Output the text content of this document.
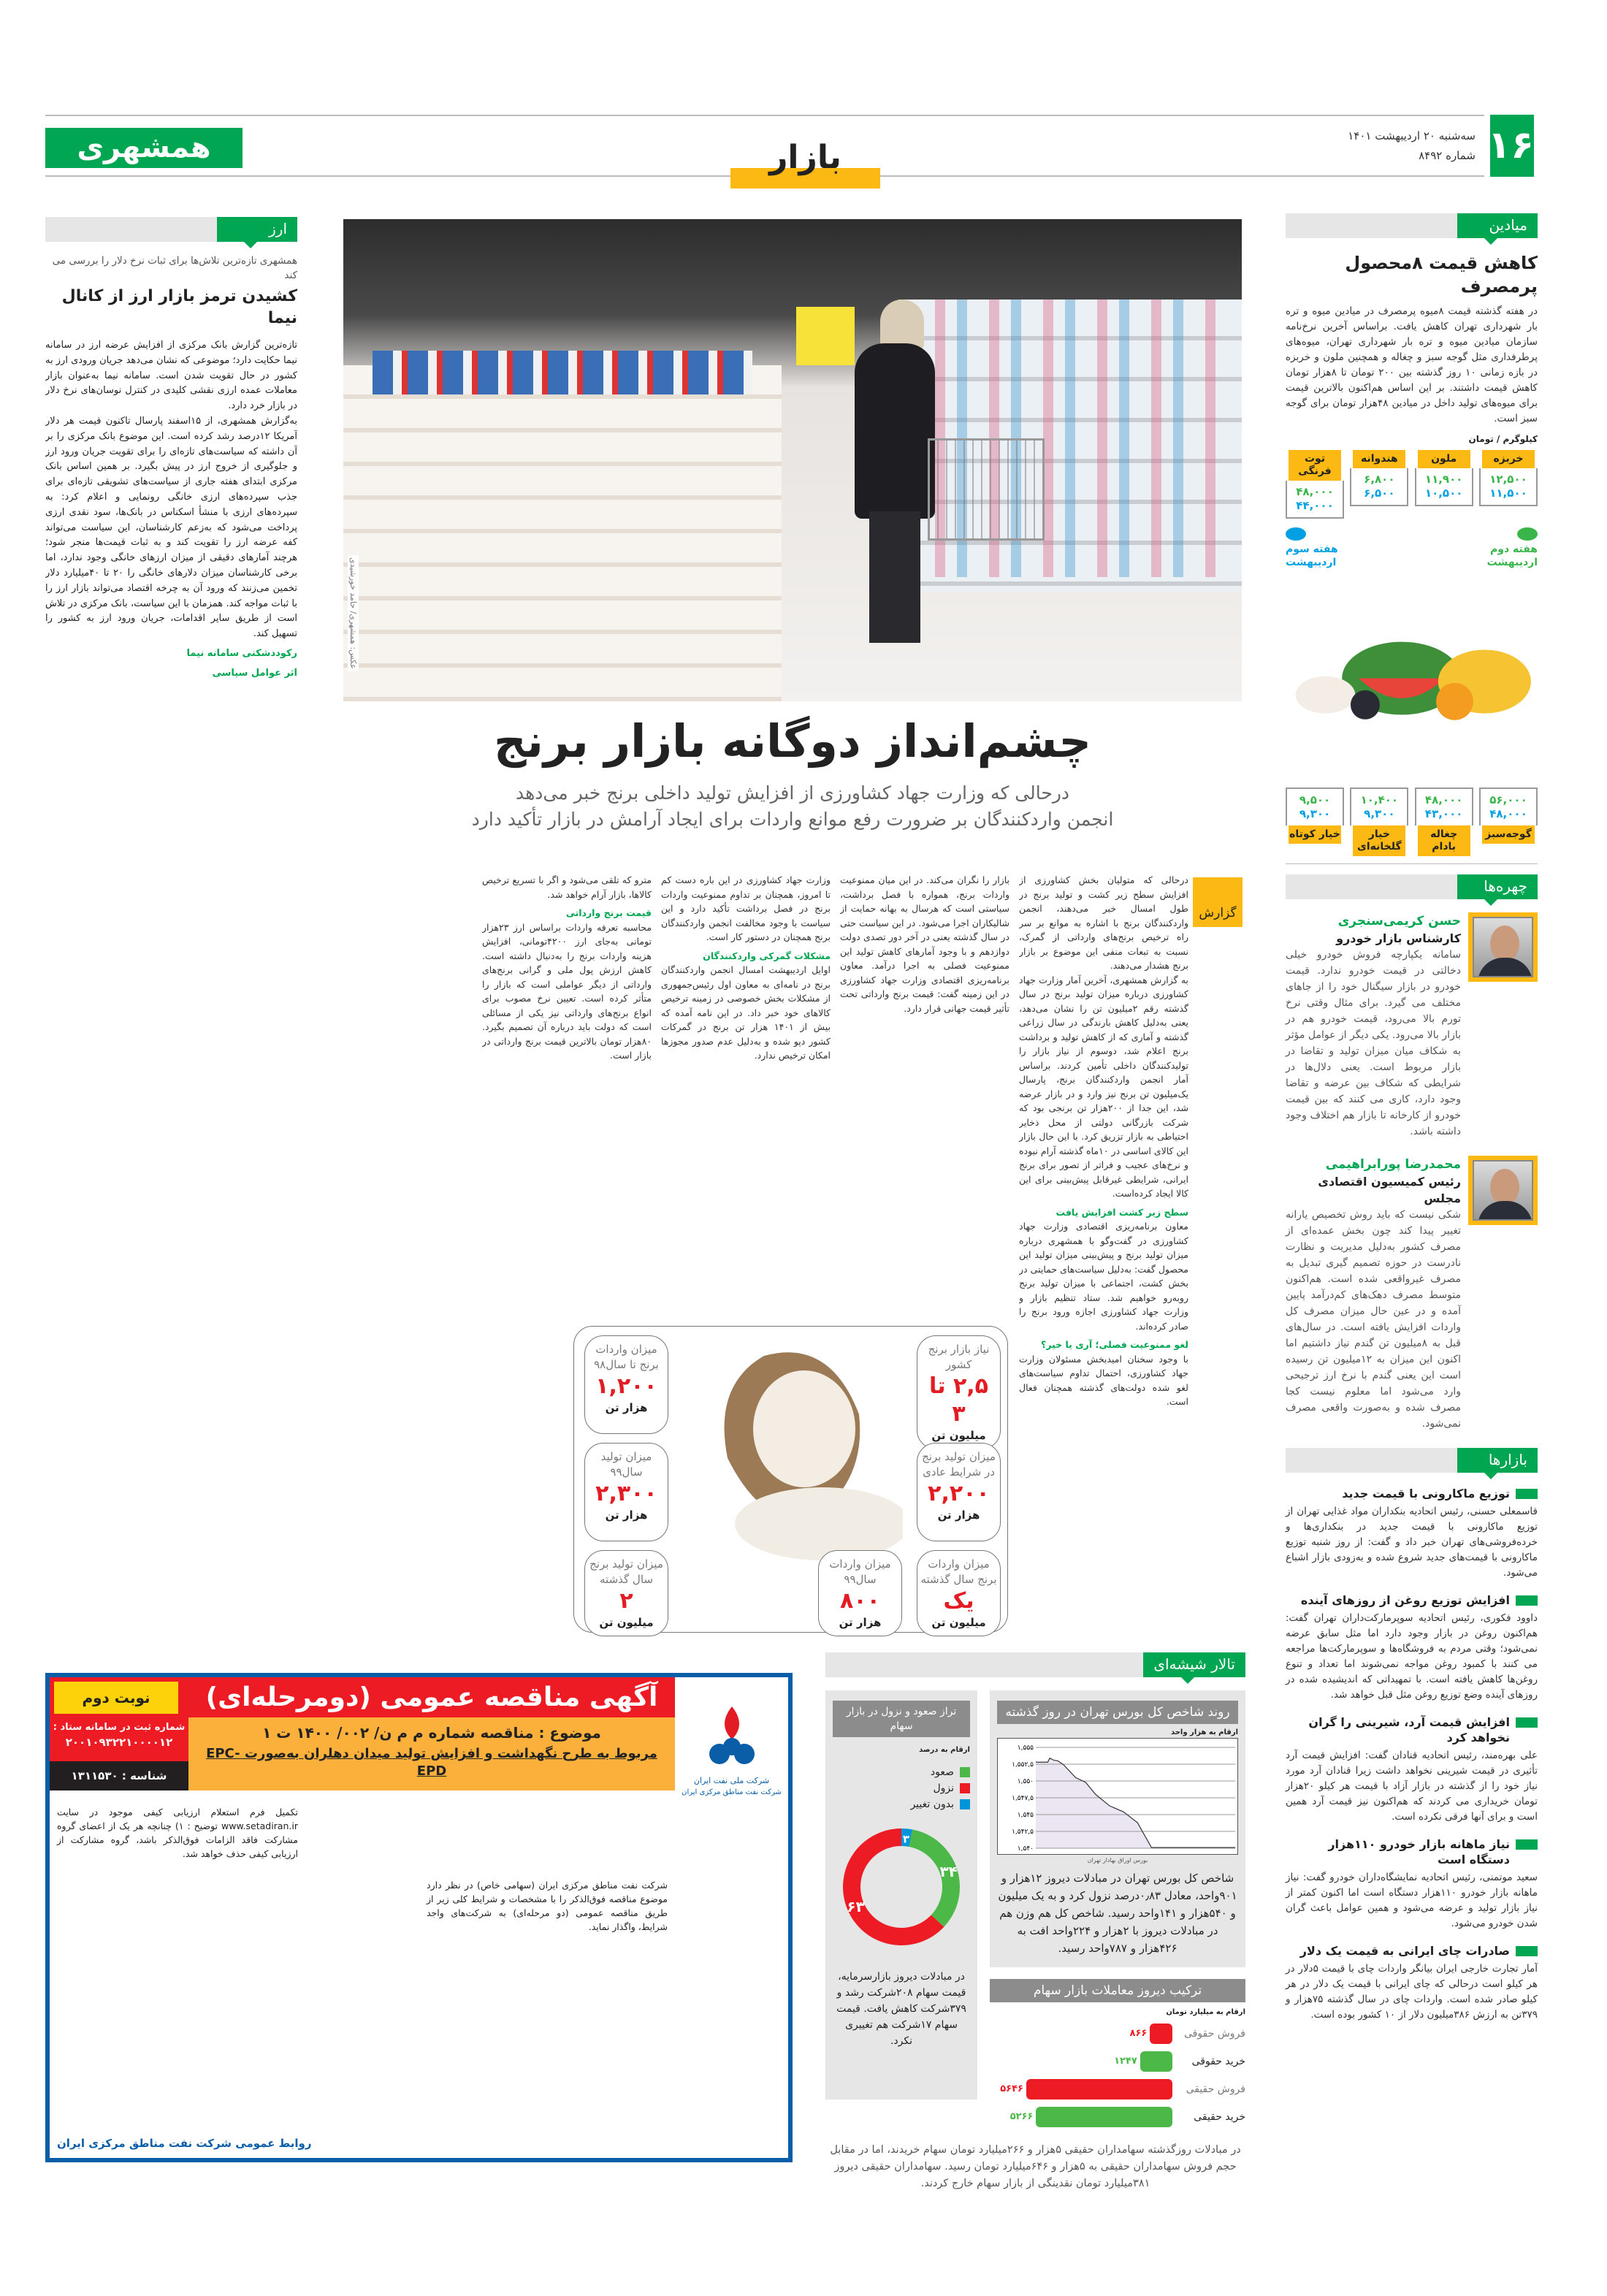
۱۶
سه‌شنبه ۲۰ اردیبهشت ۱۴۰۱
شماره ۸۴۹۲
بازار
همشهری
میادین
کاهش قیمت ۸محصول پرمصرف
در هفته گذشته قیمت ۸میوه پرمصرف در میادین میوه و تره بار شهرداری تهران کاهش یافت. براساس آخرین نرخ‌نامه سازمان میادین میوه و تره بار شهرداری تهران، میوه‌های پرطرفداری مثل گوجه سبز و چغاله و همچنین ملون و خربزه در بازه زمانی ۱۰ روز گذشته بین ۲۰۰ تومان تا ۸هزار تومان کاهش قیمت داشتند. بر این اساس هم‌اکنون بالاترین قیمت برای میوه‌های تولید داخل در میادین ۴۸هزار تومان برای گوجه سبز است.
کیلوگرم / تومان
خربزه
۱۲,۵۰۰
۱۱,۵۰۰
ملون
۱۱,۹۰۰
۱۰,۵۰۰
هندوانه
۶,۸۰۰
۶,۵۰۰
توت فرنگی
۴۸,۰۰۰
۴۴,۰۰۰
هفته دوم اردیبهشت
هفته سوم اردیبهشت
۵۶,۰۰۰
۴۸,۰۰۰
گوجه‌سبز
۴۸,۰۰۰
۴۳,۰۰۰
چغاله بادام
۱۰,۴۰۰
۹,۳۰۰
خیار گلخانه‌ای
۹,۵۰۰
۹,۳۰۰
خیار کوتاه
چهره‌ها
حسن کریمی‌سنجری
کارشناس بازار خودرو
سامانه یکپارچه فروش خودرو خیلی دخالتی در قیمت خودرو ندارد. قیمت خودرو در بازار سیگنال خود را از جاهای مختلف می گیرد. برای مثال وقتی نرخ تورم بالا می‌رود، قیمت خودرو هم در بازار بالا می‌رود. یکی دیگر از عوامل مؤثر به شکاف میان میزان تولید و تقاضا در بازار مربوط است. یعنی دلال‌ها در شرایطی که شکاف بین عرضه و تقاضا وجود دارد، کاری می کنند که بین قیمت خودرو از کارخانه تا بازار هم اختلاف وجود داشته باشد.
محمدرضا پورابراهیمی
رئیس کمیسیون اقتصادی مجلس
شکی نیست که باید روش تخصیص یارانه تغییر پیدا کند چون بخش عمده‌ای از مصرف کشور به‌دلیل مدیریت و نظارت نادرست در حوزه تصمیم گیری تبدیل به مصرف غیرواقعی شده است. هم‌اکنون متوسط مصرف دهک‌های کم‌درآمد پایین آمده و در عین حال میزان مصرف کل واردات افزایش یافته است. در سال‌های قبل به ۸میلیون تن گندم نیاز داشتیم اما اکنون این میزان به ۱۲میلیون تن رسیده است این یعنی گندم با نرخ ارز ترجیحی وارد می‌شود اما معلوم نیست کجا مصرف شده و به‌صورت واقعی مصرف نمی‌شود.
بازارها
توزیع ماکارونی با قیمت جدید
قاسمعلی حسنی، رئیس اتحادیه بنکداران مواد غذایی تهران از توزیع ماکارونی با قیمت جدید در بنکداری‌ها و خرده‌فروشی‌های تهران خبر داد و گفت: از روز شنبه توزیع ماکارونی با قیمت‌های جدید شروع شده و به‌زودی بازار اشباع می‌شود.
افزایش توزیع روغن از روزهای آینده
داوود فکوری، رئیس اتحادیه سوپرمارکت‌داران تهران گفت: هم‌اکنون روغن در بازار وجود دارد اما مثل سابق عرضه نمی‌شود؛ وقتی مردم به فروشگاه‌ها و سوپرمارکت‌ها مراجعه می کنند با کمبود روغن مواجه نمی‌شوند اما تعداد و تنوع روغن‌ها کاهش یافته است. با تمهیداتی که اندیشیده شده در روزهای آینده وضع توزیع روغن مثل قبل خواهد شد.
افزایش قیمت آرد، شیرینی را گران نخواهد کرد
علی بهره‌مند، رئیس اتحادیه قنادان گفت: افزایش قیمت آرد تأثیری در قیمت شیرینی نخواهد داشت زیرا قنادان آرد مورد نیاز خود را از گذشته در بازار آزاد با قیمت هر کیلو ۲۰هزار تومان خریداری می کردند که هم‌اکنون نیز قیمت آرد همین است و برای آنها فرقی نکرده است.
نیاز ماهانه بازار خودرو ۱۱۰هزار دستگاه است
سعید موتمنی، رئیس اتحادیه نمایشگاه‌داران خودرو گفت: نیاز ماهانه بازار خودرو ۱۱۰هزار دستگاه است اما اکنون کمتر از نیاز بازار تولید و عرضه می‌شود و همین عوامل باعث گران شدن خودرو می‌شود.
صادرات چای ایرانی به قیمت یک دلار
آمار تجارت خارجی ایران بیانگر واردات چای با قیمت ۵دلار در هر کیلو است درحالی که چای ایرانی با قیمت یک دلار در هر کیلو صادر شده است. واردات چای در سال گذشته ۷۵هزار و ۳۷۹تن به ارزش ۳۸۶میلیون دلار از ۱۰ کشور بوده است.
عکس: همشهری/ حامد خورشیدی
چشم‌انداز دوگانه بازار برنج
درحالی که وزارت جهاد کشاورزی از افزایش تولید داخلی برنج خبر می‌دهد
انجمن واردکنندگان بر ضرورت رفع موانع واردات برای ایجاد آرامش در بازار تأکید دارد
گزارش

درحالی که متولیان بخش کشاورزی از افزایش سطح زیر کشت و تولید برنج در طول امسال خبر می‌دهند، انجمن واردکنندگان برنج با اشاره به موانع بر سر راه ترخیص برنج‌های وارداتی از گمرک، نسبت به تبعات منفی این موضوع بر بازار برنج هشدار می‌دهند.

به گزارش همشهری، آخرین آمار وزارت جهاد کشاورزی درباره میزان تولید برنج در سال گذشته رقم ۲میلیون تن را نشان می‌دهد، یعنی به‌دلیل کاهش بارندگی در سال زراعی گذشته و آماری که از کاهش تولید و برداشت برنج اعلام شد، دوسوم از نیاز بازار را تولیدکنندگان داخلی تأمین کردند. براساس آمار انجمن واردکنندگان برنج، پارسال یک‌میلیون تن برنج نیز وارد و در بازار عرضه شد، این جدا از ۲۰۰هزار تن برنجی بود که شرکت بازرگانی دولتی از محل ذخایر احتیاطی به بازار تزریق کرد. با این حال بازار این کالای اساسی در ۱۰ماه گذشته آرام نبوده و نرخ‌های عجیب و فراتر از تصور برای برنج ایرانی، شرایطی غیرقابل پیش‌بینی برای این کالا ایجاد کرده‌است.

سطح زیر کشت افزایش یافت

معاون برنامه‌ریزی اقتصادی وزارت جهاد کشاورزی در گفت‌وگو با همشهری درباره میزان تولید برنج و پیش‌بینی میزان تولید این محصول گفت: به‌دلیل سیاست‌های حمایتی در بخش کشت، اجتماعی با میزان تولید برنج روبه‌رو خواهیم شد. ستاد تنظیم بازار و وزارت جهاد کشاورزی اجازه ورود برنج را صادر کرده‌اند.

لغو ممنوعیت فصلی؛ آری یا خیر؟

با وجود سخنان امیدبخش مسئولان وزارت جهاد کشاورزی، احتمال تداوم سیاست‌های لغو شده دولت‌های گذشته همچنان فعال است.

بازار را نگران می‌کند. در این میان ممنوعیت واردات برنج، همواره با فصل برداشت، سیاستی است که هرسال به بهانه حمایت از شالیکاران اجرا می‌شود. در این سیاست حتی در سال گذشته یعنی در آخر دور تصدی دولت دوازدهم و با وجود آمارهای کاهش تولید این ممنوعیت فصلی به اجرا درآمد. معاون برنامه‌ریزی اقتصادی وزارت جهاد کشاورزی در این زمینه گفت: قیمت برنج وارداتی تحت تأثیر قیمت جهانی قرار دارد.

وزارت جهاد کشاورزی در این باره دست کم تا امروز، همچنان بر تداوم ممنوعیت واردات برنج در فصل برداشت تأکید دارد و این سیاست با وجود مخالفت انجمن واردکنندگان برنج همچنان در دستور کار است.

مشکلات گمرکی واردکنندگان

اوایل اردیبهشت امسال انجمن واردکنندگان برنج در نامه‌ای به معاون اول رئیس‌جمهوری از مشکلات بخش خصوصی در زمینه ترخیص کالاهای خود خبر داد. در این نامه آمده که بیش از ۱۴۰۱ هزار تن برنج در گمرکات کشور دپو شده و به‌دلیل عدم صدور مجوزها امکان ترخیص ندارد.

مترو که تلقی می‌شود و اگر با تسریع ترخیص کالاها، بازار آرام خواهد شد.

قیمت برنج وارداتی

محاسبه تعرفه واردات براساس ارز ۲۳هزار تومانی به‌جای ارز ۴۲۰۰تومانی، افزایش هزینه واردات برنج را به‌دنبال داشته است. کاهش ارزش پول ملی و گرانی برنج‌های وارداتی از دیگر عواملی است که بازار را متأثر کرده است. تعیین نرخ مصوب برای انواع برنج‌های وارداتی نیز یکی از مسائلی است که دولت باید درباره آن تصمیم بگیرد. ۸۰هزار تومان بالاترین قیمت برنج وارداتی در بازار است.

ارز
همشهری تازه‌ترین تلاش‌ها برای ثبات نرخ دلار را بررسی می کند
کشیدن ترمز بازار ارز از کانال نیما

تازه‌ترین گزارش بانک مرکزی از افزایش عرضه ارز در سامانه نیما حکایت دارد؛ موضوعی که نشان می‌دهد جریان ورودی ارز به کشور در حال تقویت شدن است. سامانه نیما به‌عنوان بازار معاملات عمده ارزی نقشی کلیدی در کنترل نوسان‌های نرخ دلار در بازار خرد دارد.

به‌گزارش همشهری، از ۱۵اسفند پارسال تاکنون قیمت هر دلار آمریکا ۱۲درصد رشد کرده است. این موضوع بانک مرکزی را بر آن داشته که سیاست‌های تازه‌ای را برای تقویت جریان ورود ارز و جلوگیری از خروج ارز در پیش بگیرد. بر همین اساس بانک مرکزی ابتدای هفته جاری از سیاست‌های تشویقی تازه‌ای برای جذب سپرده‌های ارزی خانگی رونمایی و اعلام کرد: به سپرده‌های ارزی با منشأ اسکناس در بانک‌ها، سود نقدی ارزی پرداخت می‌شود که به‌زعم کارشناسان، این سیاست می‌تواند کفه عرضه ارز را تقویت کند و به ثبات قیمت‌ها منجر شود؛ هرچند آمارهای دقیقی از میزان ارزهای خانگی وجود ندارد، اما برخی کارشناسان میزان دلارهای خانگی را ۲۰ تا ۴۰میلیارد دلار تخمین می‌زنند که ورود آن به چرخه اقتصاد می‌تواند بازار ارز را با ثبات مواجه کند. همزمان با این سیاست، بانک مرکزی در تلاش است از طریق سایر اقدامات، جریان ورود ارز به کشور را تسهیل کند.

رکوددشکنی سامانه نیما

اثر عوامل سیاسی

شرکت ملی نفت ایران
شرکت نفت مناطق مرکزی ایران
آگهی مناقصه عمومی (دومرحله‌ای)
نوبت دوم
موضوع : مناقصه شماره م م ن/ ۰۰۲/ ۱۴۰۰ ت ۱
مربوط به طرح نگهداشت و افزایش تولید میدان دهلران به‌صورت EPC-EPD
شماره ثبت در سامانه ستاد :
۲۰۰۱۰۹۳۲۲۱۰۰۰۰۱۲
شناسه : ۱۳۱۱۵۳۰
شرکت نفت مناطق مرکزی ایران (سهامی خاص) در نظر دارد موضوع مناقصه فوق‌الذکر را با مشخصات و شرایط کلی زیر از طریق مناقصه عمومی (دو مرحله‌ای) به شرکت‌های واجد شرایط، واگذار نماید.
تکمیل فرم استعلام ارزیابی کیفی موجود در سایت www.setadiran.ir توضیح : ۱) چنانچه هر یک از اعضای گروه مشارکت فاقد الزامات فوق‌الذکر باشد، گروه مشارکت از ارزیابی کیفی حذف خواهد شد.
روابط عمومی شرکت نفت مناطق مرکزی ایران
تالار شیشه‌ای
روند شاخص کل بورس تهران در روز گذشته
ارقام به هزار واحد
۱,۵۵۵
۱,۵۵۲,۵
۱,۵۵۰
۱,۵۴۷,۵
۱,۵۴۵
۱,۵۴۲,۵
۱,۵۴۰
بورس اوراق بهادار تهران
شاخص کل بورس تهران در مبادلات دیروز ۱۲هزار و ۹۰۱واحد، معادل ۰٫۸۳درصد نزول کرد و به یک میلیون و ۵۴۰هزار و ۱۴۱واحد رسید. شاخص کل هم وزن هم در مبادلات دیروز با ۲هزار و ۲۲۴واحد افت به ۴۲۶هزار و ۷۸۷واحد رسید.
ترکیب دیروز معاملات بازار سهام
ارقام به میلیارد تومان
فروش حقوقی
۸۶۶
خرید حقوقی
۱۲۴۷
فروش حقیقی
۵۶۴۶
خرید حقیقی
۵۲۶۶
تراز صعود و نزول در بازار سهام
ارقام به درصد
صعود
نزول
بدون تغییر
۳
۳۴
۶۳
در مبادلات دیروز بازارسرمایه، قیمت سهام ۲۰۸شرکت رشد و ۳۷۹شرکت کاهش یافت. قیمت سهام ۱۷شرکت هم تغییری نکرد.
در مبادلات روزگذشته سهامداران حقیقی ۵هزار و ۲۶۶میلیارد تومان سهام خریدند، اما در مقابل حجم فروش سهامداران حقیقی به ۵هزار و ۶۴۶میلیارد تومان رسید. سهامداران حقیقی دیروز ۳۸۱میلیارد تومان نقدینگی از بازار سهام خارج کردند.
نیاز بازار برنج کشور
۲,۵ تا ۳
میلیون تن
میزان تولید برنج در شرایط عادی
۲,۲۰۰
هزار تن
میزان واردات برنج سال گذشته
یک
میلیون تن
میزان واردات سال۹۹
۸۰۰
هزار تن
میزان واردات برنج تا سال۹۸
۱,۲۰۰
هزار تن
میزان تولید سال۹۹
۲,۳۰۰
هزار تن
میزان تولید برنج سال گذشته
۲
میلیون تن
